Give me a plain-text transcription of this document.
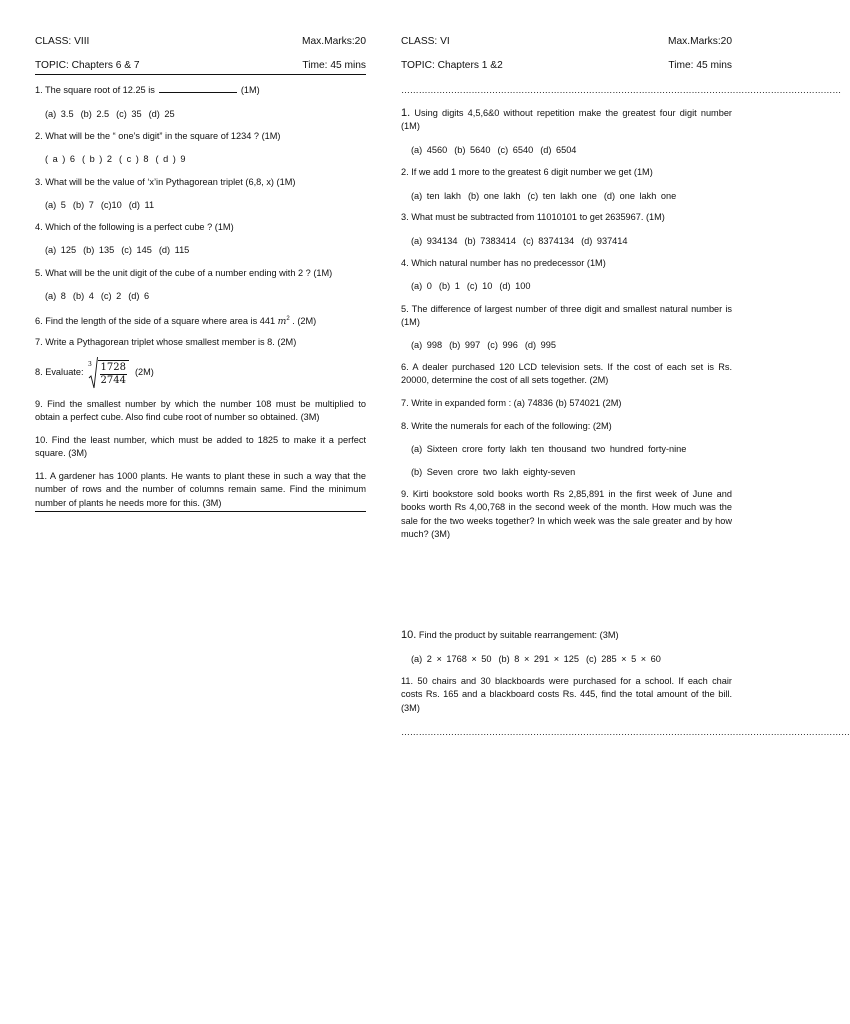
CLASS: VIII	Max.Marks:20
TOPIC: Chapters 6 & 7	Time: 45 mins
1. The square root of 12.25 is	(1M)
(a) 3.5 (b) 2.5 (c) 35 (d) 25
2. What will be the “ one’s digit” in the square of 1234 ? (1M)
( a ) 6 ( b ) 2 ( c ) 8 ( d ) 9
3. What will be the value of ‘x’in Pythagorean triplet (6,8, x) (1M)
(a) 5 (b) 7 (c)10 (d) 11
4. Which of the following is a perfect cube ? (1M)
(a) 125 (b) 135 (c) 145 (d) 115
5. What will be the unit digit of the cube of a number ending with 2 ? (1M)
(a) 8 (b) 4 (c) 2 (d) 6
6. Find the length of the side of a square where area is 441 $m^2$ . (2M)
7. Write a Pythagorean triplet whose smallest member is 8. (2M)
8. Evaluate:
$3 \frac{1728}{2744} (2M)$
9. Find the smallest number by which the number 108 must be multiplied to obtain a perfect cube. Also find cube root of number so obtained. (3M)
10. Find the least number, which must be added to 1825 to make it a perfect square. (3M)
11. A gardener has 1000 plants. He wants to plant these in such a way that the number of rows and the number of columns remain same. Find the minimum number of plants he needs more for this. (3M)
CLASS: VI	Max.Marks:20
TOPIC: Chapters 1 &2	Time: 45 mins
……………………………………………………………………………………………………………………………………
1. Using digits 4,5,6&0 without repetition make the greatest four digit number (1M)
(a) 4560 (b) 5640 (c) 6540 (d) 6504
2. If we add 1 more to the greatest 6 digit number we get (1M)
(a) ten lakh (b) one lakh (c) ten lakh one (d) one lakh one
3. What must be subtracted from 11010101 to get 2635967. (1M)
(a) 934134 (b) 7383414 (c) 8374134 (d) 937414
4. Which natural number has no predecessor (1M)
(a) 0 (b) 1 (c) 10 (d) 100
5. The difference of largest number of three digit and smallest natural number is (1M)
(a) 998 (b) 997 (c) 996 (d) 995
6. A dealer purchased 120 LCD television sets. If the cost of each set is Rs. 20000, determine the cost of all sets together. (2M)
7. Write in expanded form : (a) 74836 (b) 574021 (2M)
8. Write the numerals for each of the following: (2M)
(a) Sixteen crore forty lakh ten thousand two hundred forty-nine
(b) Seven crore two lakh eighty-seven
9. Kirti bookstore sold books worth Rs 2,85,891 in the first week of June and books worth Rs 4,00,768 in the second week of the month. How much was the sale for the two weeks together? In which week was the sale greater and by how much? (3M)
10. Find the product by suitable rearrangement: (3M)
(a) 2 × 1768 × 50 (b) 8 × 291 × 125 (c) 285 × 5 × 60
11. 50 chairs and 30 blackboards were purchased for a school. If each chair costs Rs. 165 and a blackboard costs Rs. 445, find the total amount of the bill. (3M)
………………………………………………………………………………………………………………………………………
